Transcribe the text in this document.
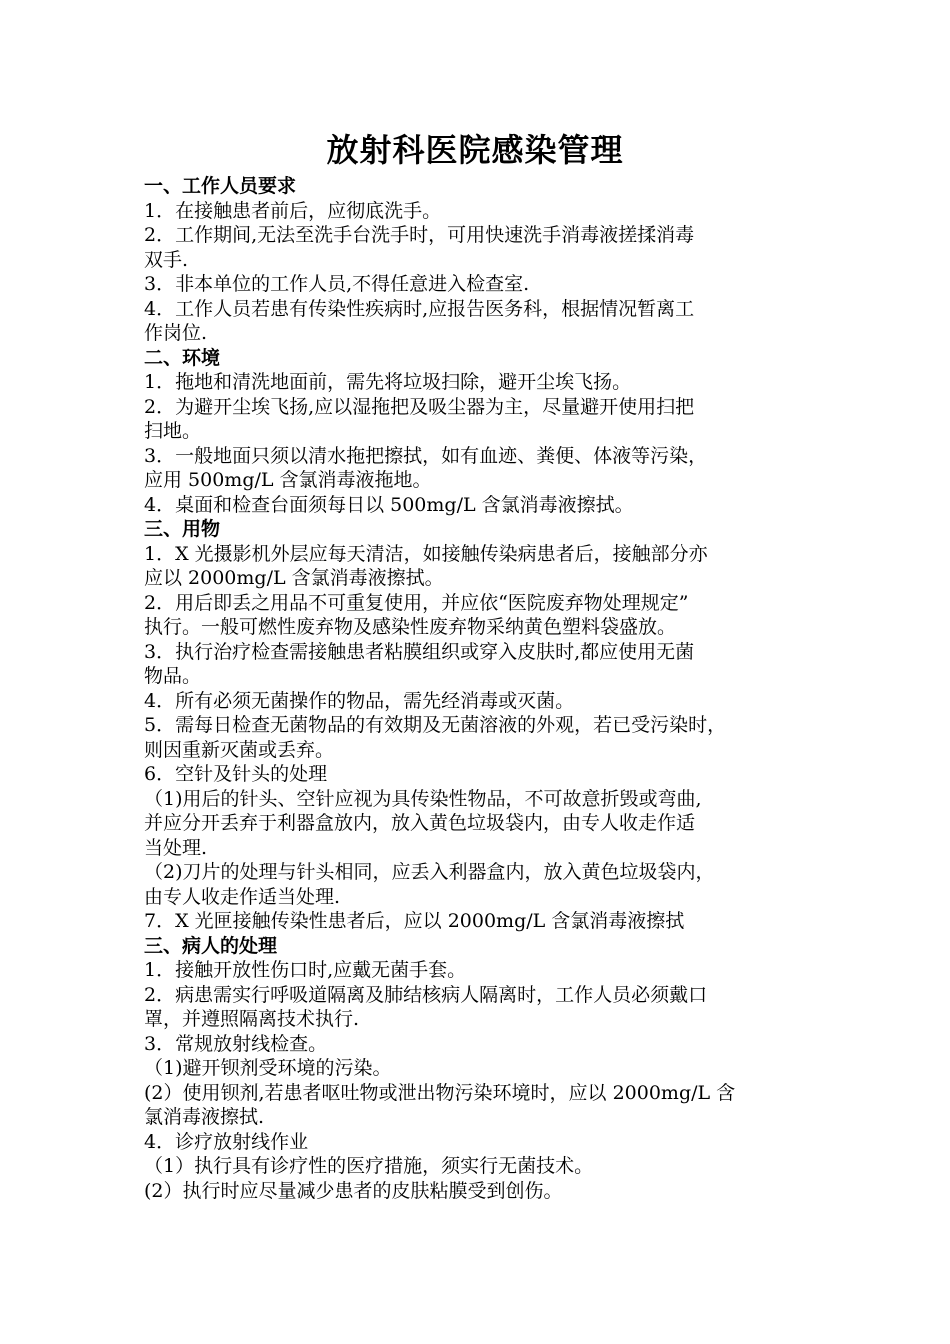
放射科医院感染管理
一、工作人员要求
1．在接触患者前后，应彻底洗手。
2．工作期间,无法至洗手台洗手时，可用快速洗手消毒液搓揉消毒
双手.
3．非本单位的工作人员,不得任意进入检查室.
4．工作人员若患有传染性疾病时,应报告医务科，根据情况暂离工
作岗位.
二、环境
1．拖地和清洗地面前，需先将垃圾扫除，避开尘埃飞扬。
2．为避开尘埃飞扬,应以湿拖把及吸尘器为主，尽量避开使用扫把
扫地。
3．一般地面只须以清水拖把擦拭，如有血迹、粪便、体液等污染，
应用 500mg/L 含氯消毒液拖地。
4．桌面和检查台面须每日以 500mg/L 含氯消毒液擦拭。
三、用物
1．X 光摄影机外层应每天清洁，如接触传染病患者后，接触部分亦
应以 2000mg/L 含氯消毒液擦拭。
2．用后即丢之用品不可重复使用，并应依“医院废弃物处理规定”
执行。一般可燃性废弃物及感染性废弃物采纳黄色塑料袋盛放。
3．执行治疗检查需接触患者粘膜组织或穿入皮肤时,都应使用无菌
物品。
4．所有必须无菌操作的物品，需先经消毒或灭菌。
5．需每日检查无菌物品的有效期及无菌溶液的外观，若已受污染时，
则因重新灭菌或丢弃。
6．空针及针头的处理
（1)用后的针头、空针应视为具传染性物品，不可故意折毁或弯曲,
并应分开丢弃于利器盒放内，放入黄色垃圾袋内，由专人收走作适
当处理.
（2)刀片的处理与针头相同，应丢入利器盒内，放入黄色垃圾袋内，
由专人收走作适当处理.
7．X 光匣接触传染性患者后，应以 2000mg/L 含氯消毒液擦拭
三、病人的处理
1．接触开放性伤口时,应戴无菌手套。
2．病患需实行呼吸道隔离及肺结核病人隔离时，工作人员必须戴口
罩，并遵照隔离技术执行.
3．常规放射线检查。
（1)避开钡剂受环境的污染。
(2）使用钡剂,若患者呕吐物或泄出物污染环境时，应以 2000mg/L 含
氯消毒液擦拭.
4．诊疗放射线作业
（1）执行具有诊疗性的医疗措施，须实行无菌技术。
(2）执行时应尽量减少患者的皮肤粘膜受到创伤。
